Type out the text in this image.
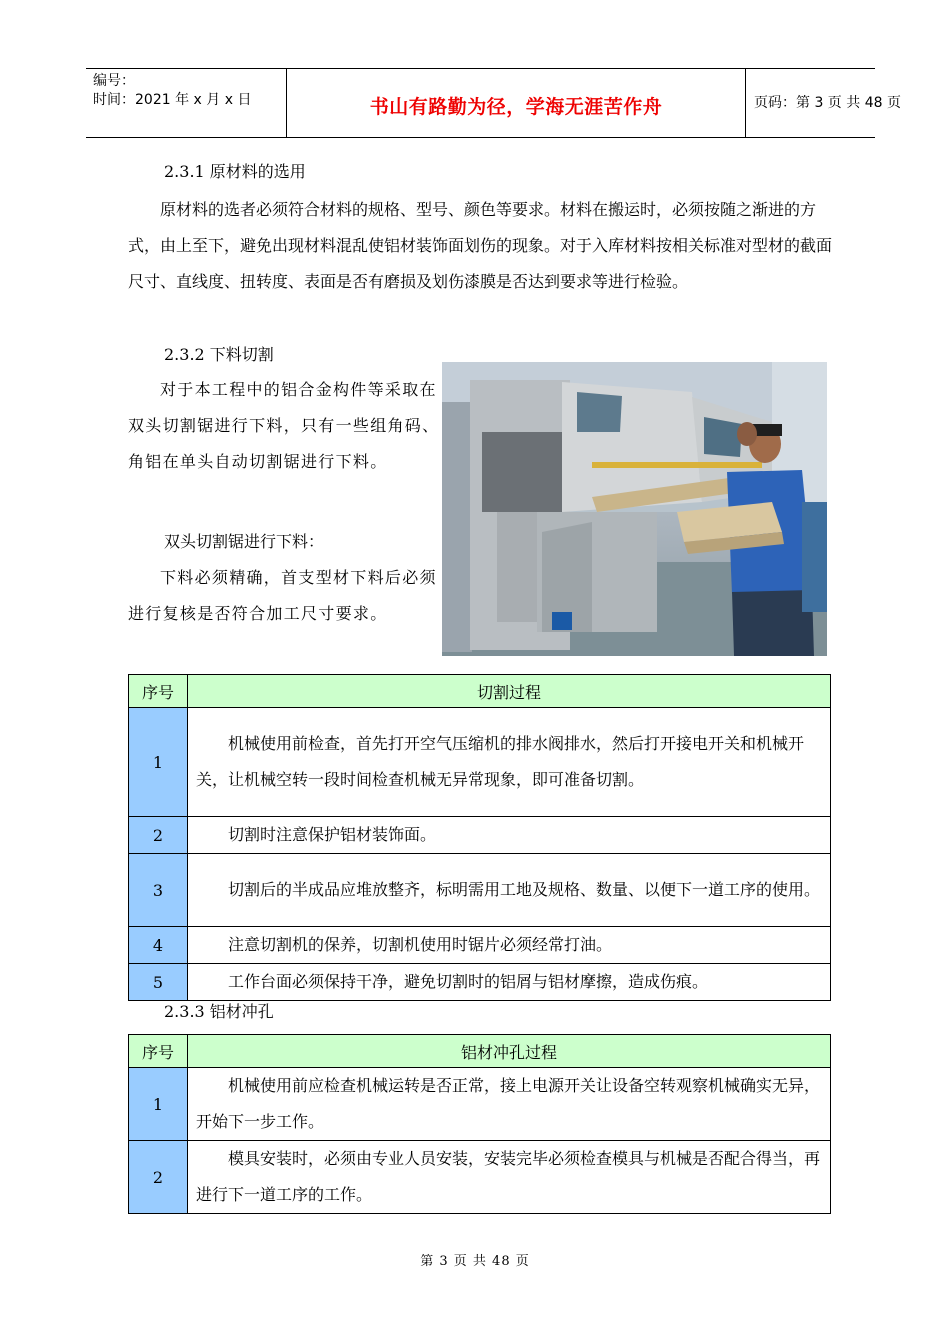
编号：
时间：2021 年 x 月 x 日	书山有路勤为径，学海无涯苦作舟	页码：第 3 页 共 48 页
2.3.1 原材料的选用
原材料的选者必须符合材料的规格、型号、颜色等要求。材料在搬运时，必须按随之渐进的方式，由上至下，避免出现材料混乱使铝材装饰面划伤的现象。对于入库材料按相关标准对型材的截面尺寸、直线度、扭转度、表面是否有磨损及划伤漆膜是否达到要求等进行检验。
2.3.2 下料切割
对于本工程中的铝合金构件等采取在双头切割锯进行下料，只有一些组角码、角铝在单头自动切割锯进行下料。
双头切割锯进行下料：
下料必须精确，首支型材下料后必须进行复核是否符合加工尺寸要求。
序号	切割过程
1	机械使用前检查，首先打开空气压缩机的排水阀排水，然后打开接电开关和机械开关，让机械空转一段时间检查机械无异常现象，即可准备切割。
2	切割时注意保护铝材装饰面。
3	切割后的半成品应堆放整齐，标明需用工地及规格、数量、以便下一道工序的使用。
4	注意切割机的保养，切割机使用时锯片必须经常打油。
5	工作台面必须保持干净，避免切割时的铝屑与铝材摩擦，造成伤痕。
2.3.3 铝材冲孔
序号	铝材冲孔过程
1	机械使用前应检查机械运转是否正常，接上电源开关让设备空转观察机械确实无异，开始下一步工作。
2	模具安装时，必须由专业人员安装，安装完毕必须检查模具与机械是否配合得当，再进行下一道工序的工作。
第 3 页 共 48 页
